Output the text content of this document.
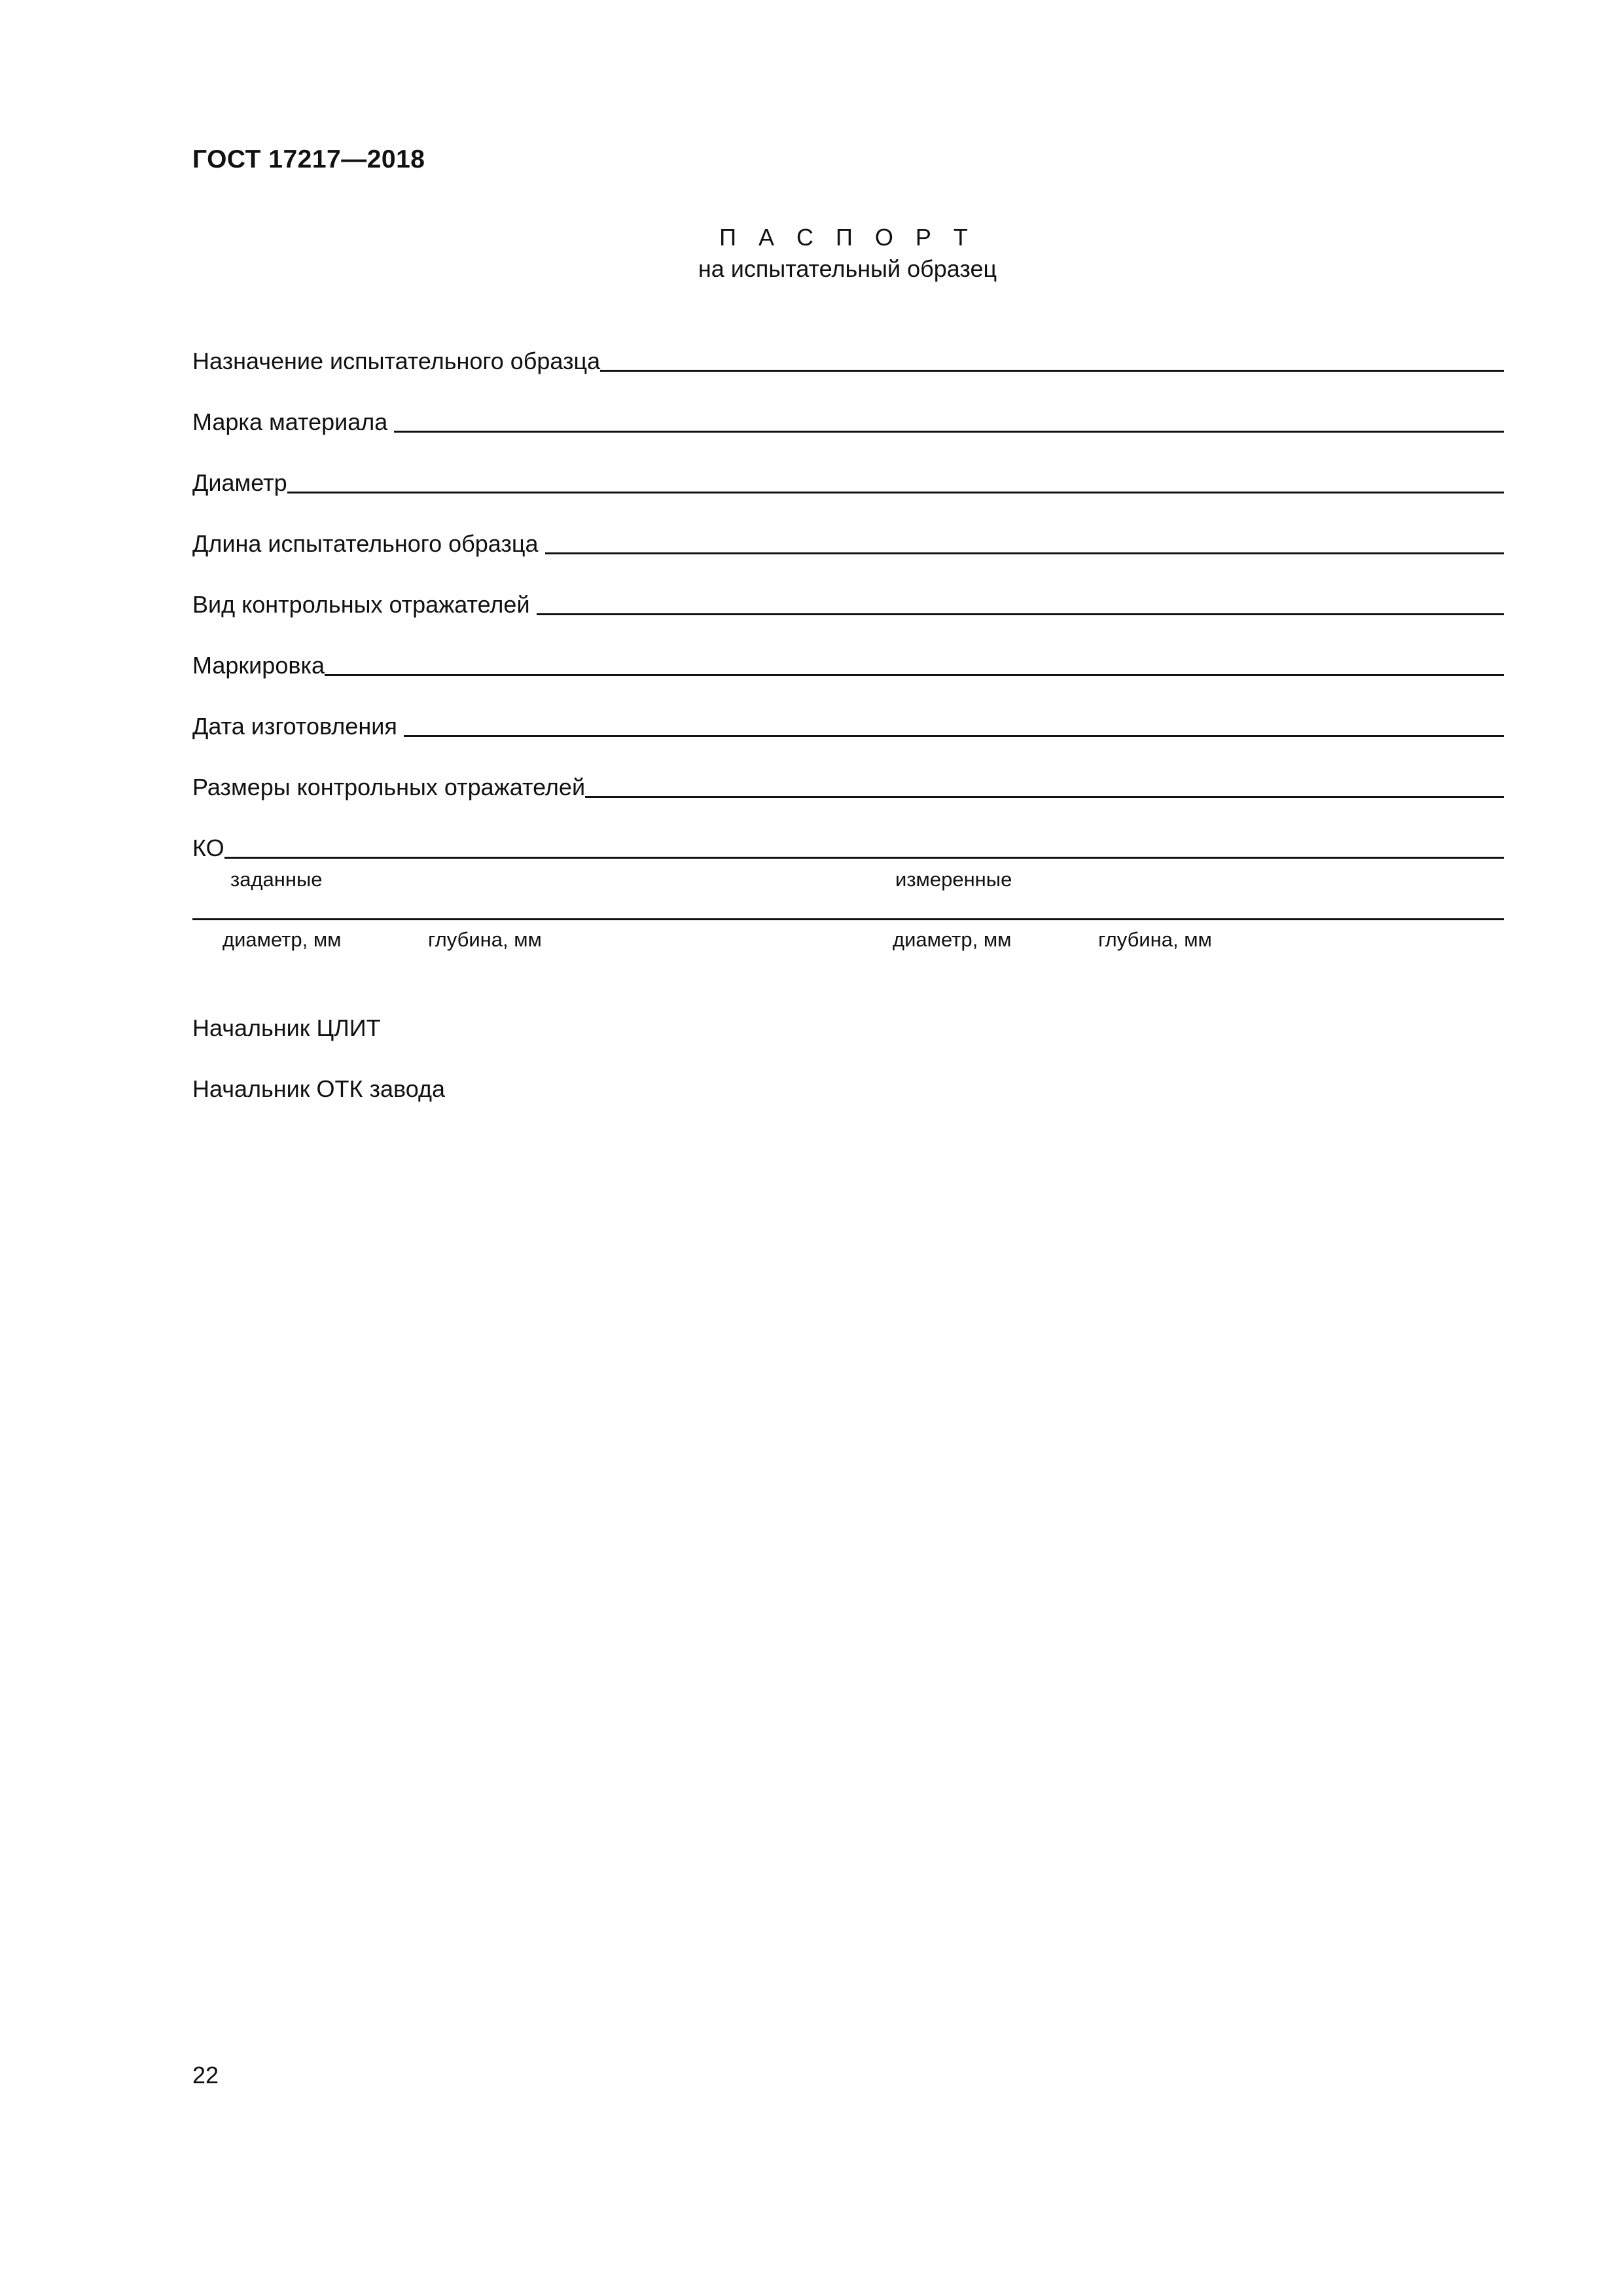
ГОСТ 17217—2018
П А С П О Р Т
на испытательный образец
Назначение испытательного образца
Марка материала
Диаметр
Длина испытательного образца
Вид контрольных отражателей
Маркировка
Дата изготовления
Размеры контрольных отражателей
КО
заданные	измеренные
диаметр, мм	глубина, мм	диаметр, мм	глубина, мм
Начальник ЦЛИТ
Начальник ОТК завода
22
